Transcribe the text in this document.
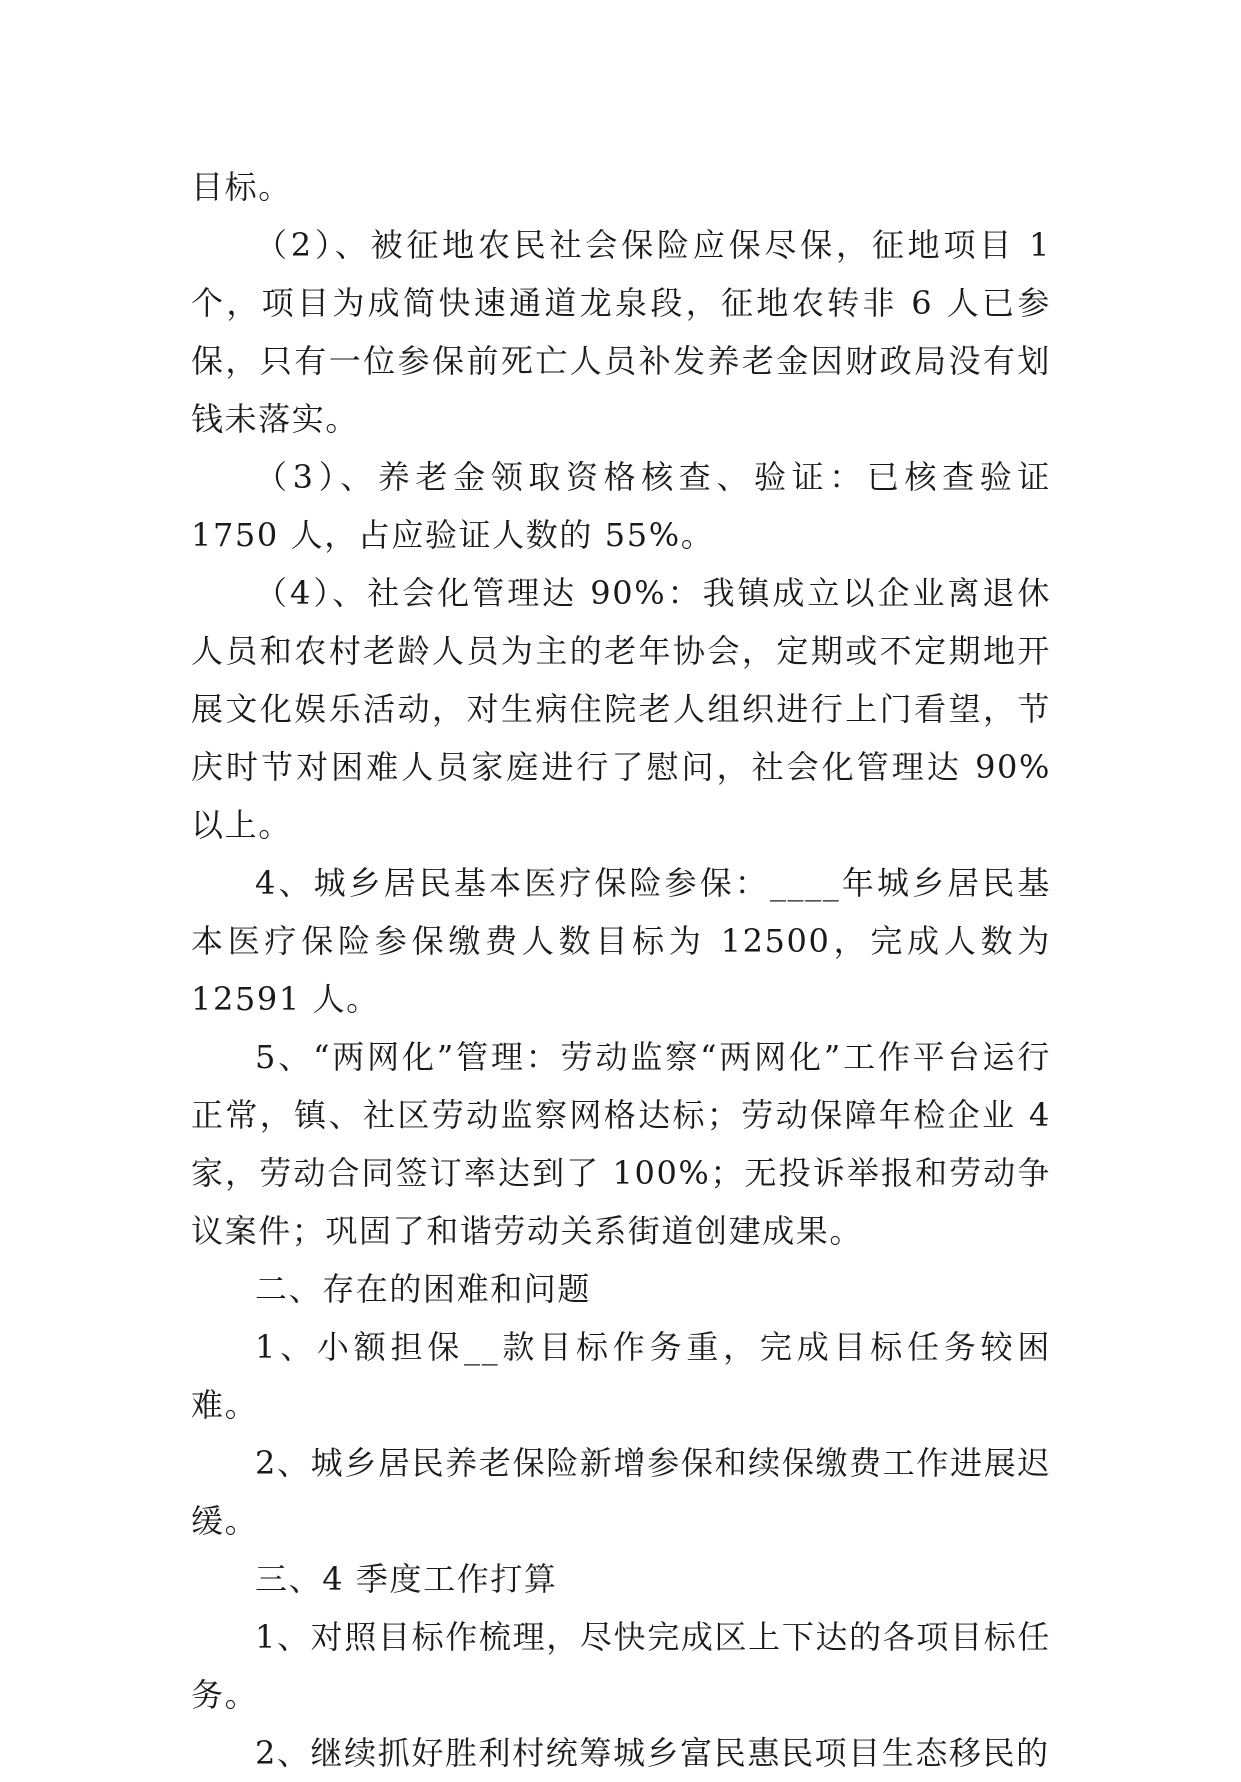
目标。

（2）、被征地农民社会保险应保尽保，征地项目 1 个，项目为成简快速通道龙泉段，征地农转非 6 人已参保，只有一位参保前死亡人员补发养老金因财政局没有划钱未落实。

（3）、养老金领取资格核查、验证：已核查验证 1750 人，占应验证人数的 55%。

（4）、社会化管理达 90%：我镇成立以企业离退休人员和农村老龄人员为主的老年协会，定期或不定期地开展文化娱乐活动，对生病住院老人组织进行上门看望，节庆时节对困难人员家庭进行了慰问，社会化管理达 90%以上。

4、城乡居民基本医疗保险参保：____年城乡居民基本医疗保险参保缴费人数目标为 12500，完成人数为 12591 人。

5、“两网化”管理：劳动监察“两网化”工作平台运行正常，镇、社区劳动监察网格达标；劳动保障年检企业 4 家，劳动合同签订率达到了 100%；无投诉举报和劳动争议案件；巩固了和谐劳动关系街道创建成果。

二、存在的困难和问题

1、小额担保__款目标作务重，完成目标任务较困难。

2、城乡居民养老保险新增参保和续保缴费工作进展迟缓。

三、4 季度工作打算

1、对照目标作梳理，尽快完成区上下达的各项目标任务。

2、继续抓好胜利村统筹城乡富民惠民项目生态移民的
